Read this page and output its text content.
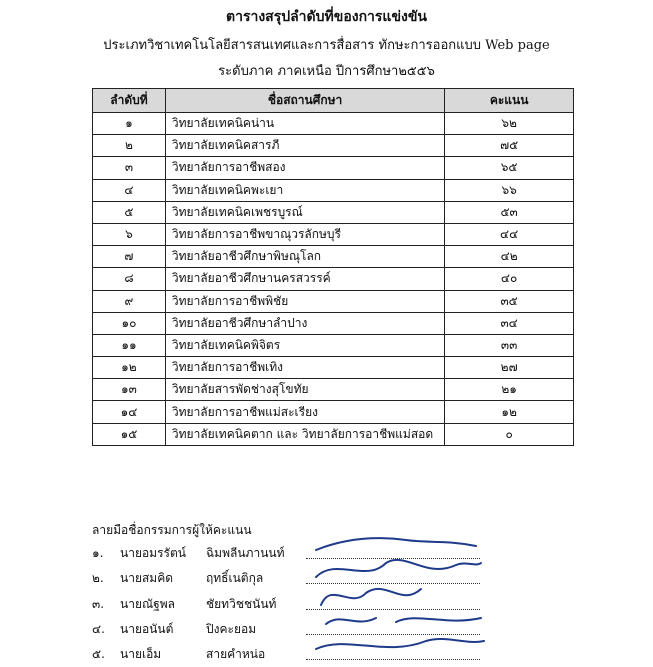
ตารางสรุปลำดับที่ของการแข่งขัน
ประเภทวิชาเทคโนโลยีสารสนเทศและการสื่อสาร ทักษะการออกแบบ Web page
ระดับภาค ภาคเหนือ ปีการศึกษา๒๕๕๖
ลำดับที่	ชื่อสถานศึกษา	คะแนน
๑	วิทยาลัยเทคนิคน่าน	๖๒
๒	วิทยาลัยเทคนิคสารภี	๗๕
๓	วิทยาลัยการอาชีพสอง	๖๕
๔	วิทยาลัยเทคนิคพะเยา	๖๖
๕	วิทยาลัยเทคนิคเพชรบูรณ์	๕๓
๖	วิทยาลัยการอาชีพขาณุวรลักษบุรี	๔๔
๗	วิทยาลัยอาชีวศึกษาพิษณุโลก	๔๒
๘	วิทยาลัยอาชีวศึกษานครสวรรค์	๔๐
๙	วิทยาลัยการอาชีพพิชัย	๓๕
๑๐	วิทยาลัยอาชีวศึกษาลำปาง	๓๔
๑๑	วิทยาลัยเทคนิคพิจิตร	๓๓
๑๒	วิทยาลัยการอาชีพเทิง	๒๗
๑๓	วิทยาลัยสารพัดช่างสุโขทัย	๒๑
๑๔	วิทยาลัยการอาชีพแม่สะเรียง	๑๒
๑๕	วิทยาลัยเทคนิคตาก และ วิทยาลัยการอาชีพแม่สอด	๐
ลายมือชื่อกรรมการผู้ให้คะแนน
๑. นายอมรรัตน์ ฉิมพลีนภานนท์
๒. นายสมคิด	ฤทธิ์เนติกุล
๓. นายณัฐพล	ชัยทวิชชนันท์
๔. นายอนันต์	ปิงคะยอม
๕. นายเอ็ม	สายคำหน่อ
